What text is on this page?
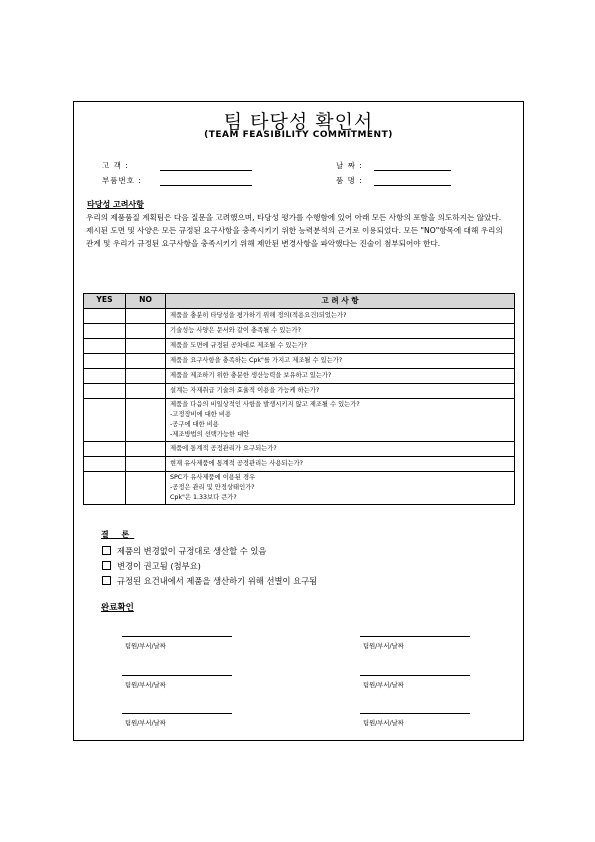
팀 타당성 확인서
(TEAM FEASIBILITY COMMITMENT)
고 객 :
부품번호 :
날 짜 :
품 명 :
타당성 고려사항
우리의 제품품질 계획팀은 다음 질문을 고려했으며, 타당성 평가를 수행함에 있어 아래 모든 사항의 포함을 의도하지는 않았다. 제시된 도면 및 사양은 모든 규정된 요구사항을 충족시키기 위한 능력분석의 근거로 이용되었다. 모든 "NO"항목에 대해 우리의 관계 및 우리가 규정된 요구사항을 충족시키기 위해 제안된 변경사항을 파악했다는 진술이 첨부되어야 한다.
YES	NO	고 려 사 항
		제품을 충분히 타당성을 평가하기 위해 정의(적용요건)되었는가?
		기술성능 사양은 문서와 같이 충족될 수 있는가?
		제품을 도면에 규정된 공차대로 제조될 수 있는가?
		제품을 요구사항을 충족하는 Cpk"를 가지고 제조될 수 있는가?
		제품을 제조하기 위한 충분한 생산능력을 보유하고 있는가?
		설계는 자재취급 기술의 효율적 이용을 가능케 하는가?
		제품을 다음의 비일상적인 사항을 발생시키지 않고 제조될 수 있는가?
-고정장비에 대한 비용
-공구에 대한 비용
-제조방법의 선택가능한 대안
		제품에 통계적 공정관리가 요구되는가?
		현재 유사제품에 통계적 공정관리는 사용되는가?
		SPC가 유사제품에 이용된 경우
-공정은 관리 및 안정상태인가?
Cpk"은 1.33보다 큰가?
결 론
제품의 변경없이 규정대로 생산할 수 있음
변경이 권고됨 (첨부요)
규정된 요건내에서 제품을 생산하기 위해 선별이 요구됨
완료확인
팀원/부서/날짜	팀원/부서/날짜
팀원/부서/날짜	팀원/부서/날짜
팀원/부서/날짜	팀원/부서/날짜
